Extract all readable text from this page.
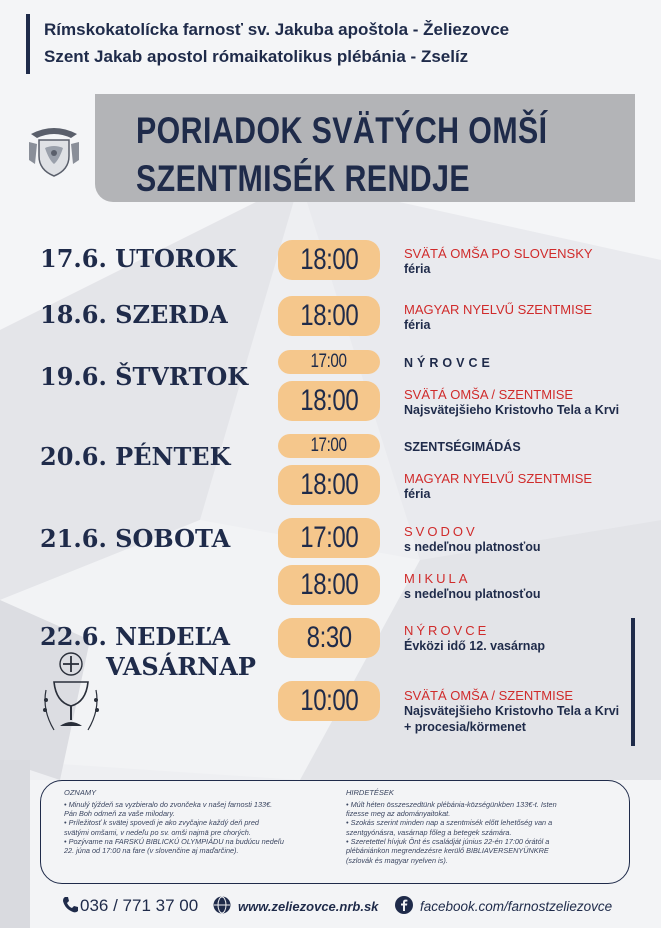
Rímskokatolícka farnosť sv. Jakuba apoštola - Želiezovce
Szent Jakab apostol rómaikatolikus plébánia - Zselíz
PORIADOK SVÄTÝCH OMŠÍ
SZENTMISÉK RENDJE
17.6. UTOROK 18:00	SVÄTÁ OMŠA PO SLOVENSKY
féria
18.6. SZERDA 18:00	MAGYAR NYELVŰ SZENTMISE
féria
19.6. ŠTVRTOK
17:00	NÝROVCE
18:00	SVÄTÁ OMŠA / SZENTMISE
Najsvätejšieho Kristovho Tela a Krvi
20.6. PÉNTEK	17:00	SZENTSÉGIMÁDÁS
18:00	MAGYAR NYELVŰ SZENTMISE
féria
21.6. SOBOTA 17:00	SVODOV
s nedeľnou platnosťou
18:00	MIKULA
s nedeľnou platnosťou
22.6. NEDEĽA
VASÁRNAP
8:30	NÝROVCE
Évközi idő 12. vasárnap
10:00	SVÄTÁ OMŠA / SZENTMISE
Najsvätejšieho Kristovho Tela a Krvi
+ procesia/körmenet
OZNAMY
• Minulý týždeň sa vyzbieralo do zvončeka v našej farnosti 133€.
Pán Boh odmeň za vaše milodary.
• Príležitosť k svätej spovedi je ako zvyčajne každý deň pred
svätými omšami, v nedeľu po sv. omši najmä pre chorých.
• Pozývame na FARSKÚ BIBLICKÚ OLYMPIÁDU na budúcu nedeľu
22. júna od 17:00 na fare (v slovenčine aj maďarčine).
HIRDETÉSEK
• Múlt héten összeszedtünk plébánia-községünkben 133€-t. Isten
fizesse meg az adományaitokat.
• Szokás szerint minden nap a szentmisék előtt lehetőség van a
szentgyónásra, vasárnap főleg a betegek számára.
• Szeretettel hívjuk Önt és családját június 22-én 17:00 órától a
plébániánkon megrendezésre kerülő BIBLIAVERSENYÜNKRE
(szlovák és magyar nyelven is).
036 / 771 37 00	www.zeliezovce.nrb.sk	facebook.com/farnostzeliezovce
